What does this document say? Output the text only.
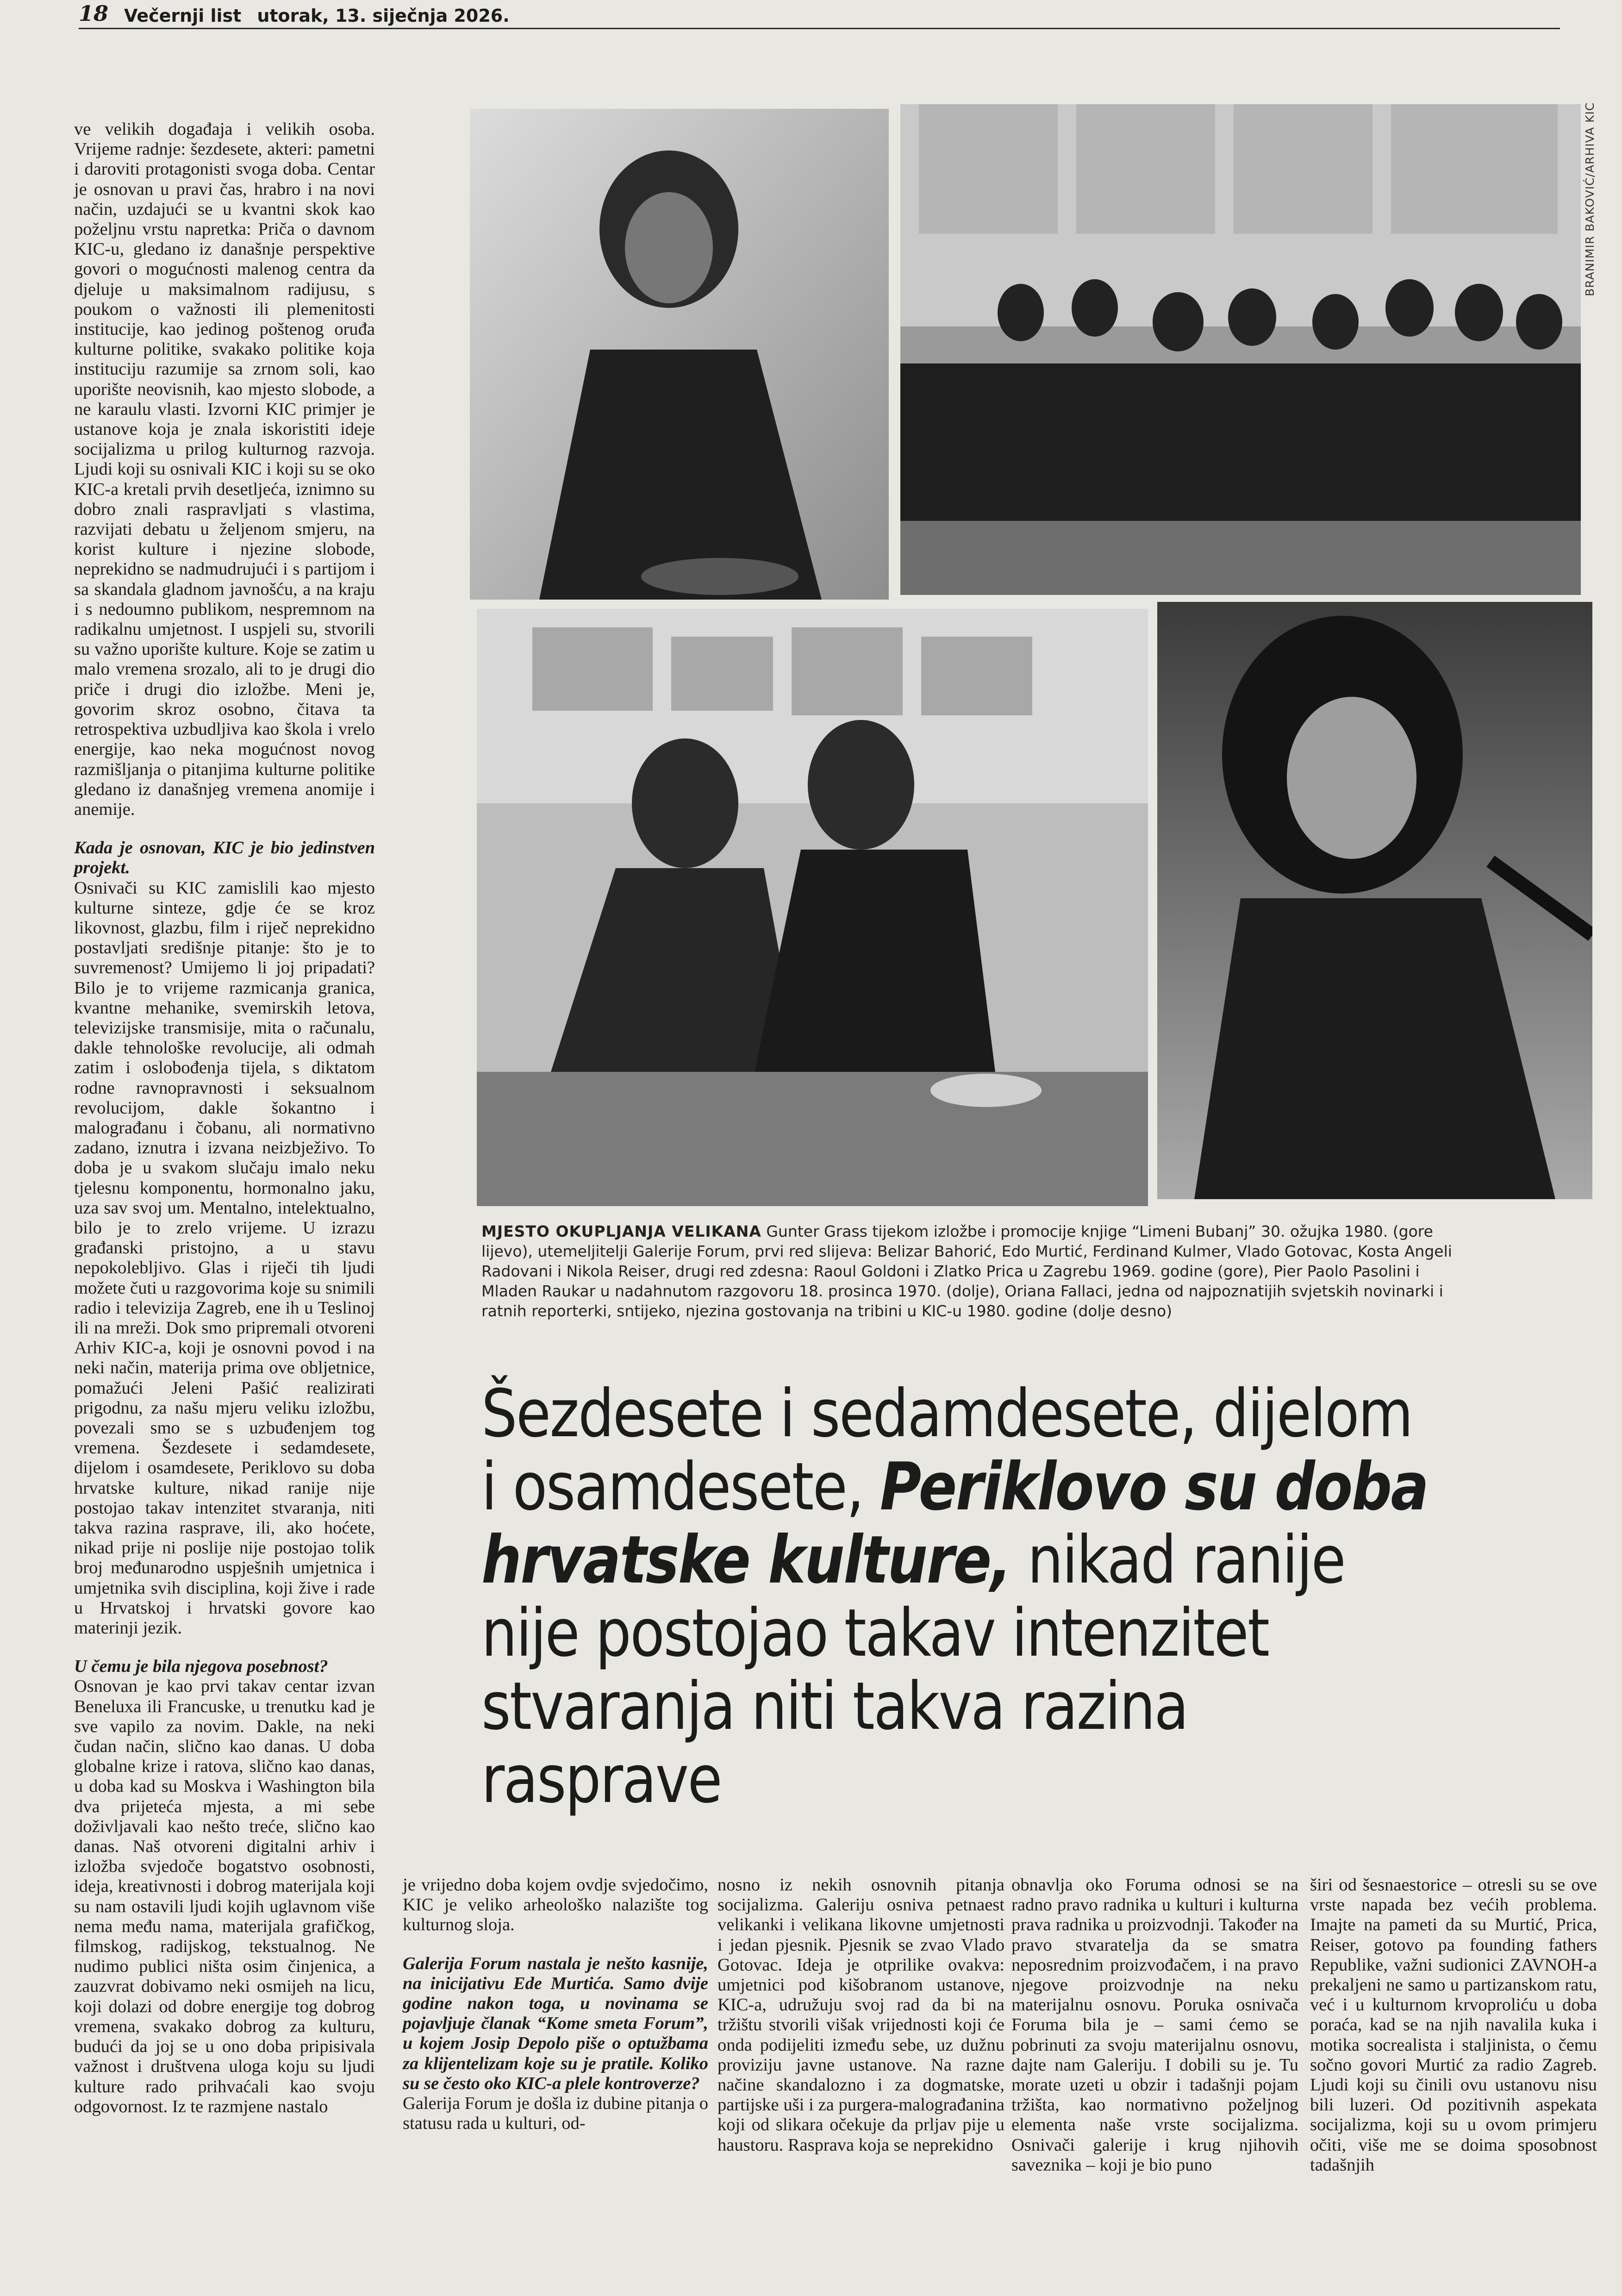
18 Večernji list utorak, 13. siječnja 2026.
BRANIMIR BAKOVIĆ/ARHIVA KIC
MJESTO OKUPLJANJA VELIKANA Gunter Grass tijekom izložbe i promocije knjige “Limeni Bubanj” 30. ožujka 1980. (gore lijevo), utemeljitelji Galerije Forum, prvi red slijeva: Belizar Bahorić, Edo Murtić, Ferdinand Kulmer, Vlado Gotovac, Kosta Angeli Radovani i Nikola Reiser, drugi red zdesna: Raoul Goldoni i Zlatko Prica u Zagrebu 1969. godine (gore), Pier Paolo Pasolini i Mladen Raukar u nadahnutom razgovoru 18. prosinca 1970. (dolje), Oriana Fallaci, jedna od najpoznatijih svjetskih novinarki i ratnih reporterki, sntijeko, njezina gostovanja na tribini u KIC-u 1980. godine (dolje desno)
Šezdesete i sedamdesete, dijelom i osamdesete, Periklovo su doba hrvatske kulture, nikad ranije nije postojao takav intenzitet stvaranja niti takva razina rasprave

ve velikih događaja i velikih osoba. Vrijeme radnje: šezdesete, akteri: pametni i daroviti protagonisti svoga doba. Centar je osnovan u pravi čas, hrabro i na novi način, uzdajući se u kvantni skok kao poželjnu vrstu napretka: Priča o davnom KIC-u, gledano iz današnje perspektive govori o mogućnosti malenog centra da djeluje u maksimalnom radijusu, s poukom o važnosti ili plemenitosti institucije, kao jedinog poštenog oruđa kulturne politike, svakako politike koja instituciju razumije sa zrnom soli, kao uporište neovisnih, kao mjesto slobode, a ne karaulu vlasti. Izvorni KIC primjer je ustanove koja je znala iskoristiti ideje socijalizma u prilog kulturnog razvoja. Ljudi koji su osnivali KIC i koji su se oko KIC-a kretali prvih desetljeća, iznimno su dobro znali raspravljati s vlastima, razvijati debatu u željenom smjeru, na korist kulture i njezine slobode, neprekidno se nadmudrujući i s partijom i sa skandala gladnom javnošću, a na kraju i s nedoumno publikom, nespremnom na radikalnu umjetnost. I uspjeli su, stvorili su važno uporište kulture. Koje se zatim u malo vremena srozalo, ali to je drugi dio priče i drugi dio izložbe. Meni je, govorim skroz osobno, čitava ta retrospektiva uzbudljiva kao škola i vrelo energije, kao neka mogućnost novog razmišljanja o pitanjima kulturne politike gledano iz današnjeg vremena anomije i anemije.

Kada je osnovan, KIC je bio jedinstven projekt.

Osnivači su KIC zamislili kao mjesto kulturne sinteze, gdje će se kroz likovnost, glazbu, film i riječ neprekidno postavljati središnje pitanje: što je to suvremenost? Umijemo li joj pripadati? Bilo je to vrijeme razmicanja granica, kvantne mehanike, svemirskih letova, televizijske transmisije, mita o računalu, dakle tehnološke revolucije, ali odmah zatim i oslobođenja tijela, s diktatom rodne ravnopravnosti i seksualnom revolucijom, dakle šokantno i malograđanu i čobanu, ali normativno zadano, iznutra i izvana neizbježivo. To doba je u svakom slučaju imalo neku tjelesnu komponentu, hormonalno jaku, uza sav svoj um. Mentalno, intelektualno, bilo je to zrelo vrijeme. U izrazu građanski pristojno, a u stavu nepokolebljivo. Glas i riječi tih ljudi možete čuti u razgovorima koje su snimili radio i televizija Zagreb, ene ih u Teslinoj ili na mreži. Dok smo pripremali otvoreni Arhiv KIC-a, koji je osnovni povod i na neki način, materija prima ove obljetnice, pomažući Jeleni Pašić realizirati prigodnu, za našu mjeru veliku izložbu, povezali smo se s uzbuđenjem tog vremena. Šezdesete i sedamdesete, dijelom i osamdesete, Periklovo su doba hrvatske kulture, nikad ranije nije postojao takav intenzitet stvaranja, niti takva razina rasprave, ili, ako hoćete, nikad prije ni poslije nije postojao tolik broj međunarodno uspješnih umjetnica i umjetnika svih disciplina, koji žive i rade u Hrvatskoj i hrvatski govore kao materinji jezik.

U čemu je bila njegova posebnost?

Osnovan je kao prvi takav centar izvan Beneluxa ili Francuske, u trenutku kad je sve vapilo za novim. Dakle, na neki čudan način, slično kao danas. U doba globalne krize i ratova, slično kao danas, u doba kad su Moskva i Washington bila dva prijeteća mjesta, a mi sebe doživljavali kao nešto treće, slično kao danas. Naš otvoreni digitalni arhiv i izložba svjedoče bogatstvo osobnosti, ideja, kreativnosti i dobrog materijala koji su nam ostavili ljudi kojih uglavnom više nema među nama, materijala grafičkog, filmskog, radijskog, tekstualnog. Ne nudimo publici ništa osim činjenica, a zauzvrat dobivamo neki osmijeh na licu, koji dolazi od dobre energije tog dobrog vremena, svakako dobrog za kulturu, budući da joj se u ono doba pripisivala važnost i društvena uloga koju su ljudi kulture rado prihvaćali kao svoju odgovornost. Iz te razmjene nastalo

je vrijedno doba kojem ovdje svjedočimo, KIC je veliko arheološko nalazište tog kulturnog sloja.

Galerija Forum nastala je nešto kasnije, na inicijativu Ede Murtića. Samo dvije godine nakon toga, u novinama se pojavljuje članak “Kome smeta Forum”, u kojem Josip Depolo piše o optužbama za klijentelizam koje su je pratile. Koliko su se često oko KIC-a plele kontroverze?

Galerija Forum je došla iz dubine pitanja o statusu rada u kulturi, od-

nosno iz nekih osnovnih pitanja socijalizma. Galeriju osniva petnaest velikanki i velikana likovne umjetnosti i jedan pjesnik. Pjesnik se zvao Vlado Gotovac. Ideja je otprilike ovakva: umjetnici pod kišobranom ustanove, KIC-a, udružuju svoj rad da bi na tržištu stvorili višak vrijednosti koji će onda podijeliti između sebe, uz dužnu proviziju javne ustanove. Na razne načine skandalozno i za dogmatske, partijske uši i za purgera-malograđanina koji od slikara očekuje da prljav pije u haustoru. Rasprava koja se neprekidno

obnavlja oko Foruma odnosi se na radno pravo radnika u kulturi i kulturna prava radnika u proizvodnji. Također na pravo stvaratelja da se smatra neposrednim proizvođačem, i na pravo njegove proizvodnje na neku materijalnu osnovu. Poruka osnivača Foruma bila je – sami ćemo se pobrinuti za svoju materijalnu osnovu, dajte nam Galeriju. I dobili su je. Tu morate uzeti u obzir i tadašnji pojam tržišta, kao normativno poželjnog elementa naše vrste socijalizma. Osnivači galerije i krug njihovih saveznika – koji je bio puno

širi od šesnaestorice – otresli su se ove vrste napada bez većih problema. Imajte na pameti da su Murtić, Prica, Reiser, gotovo pa founding fathers Republike, važni sudionici ZAVNOH-a prekaljeni ne samo u partizanskom ratu, već i u kulturnom krvoproliću u doba poraća, kad se na njih navalila kuka i motika socrealista i staljinista, o čemu sočno govori Murtić za radio Zagreb. Ljudi koji su činili ovu ustanovu nisu bili luzeri. Od pozitivnih aspekata socijalizma, koji su u ovom primjeru očiti, više me se doima sposobnost tadašnjih
